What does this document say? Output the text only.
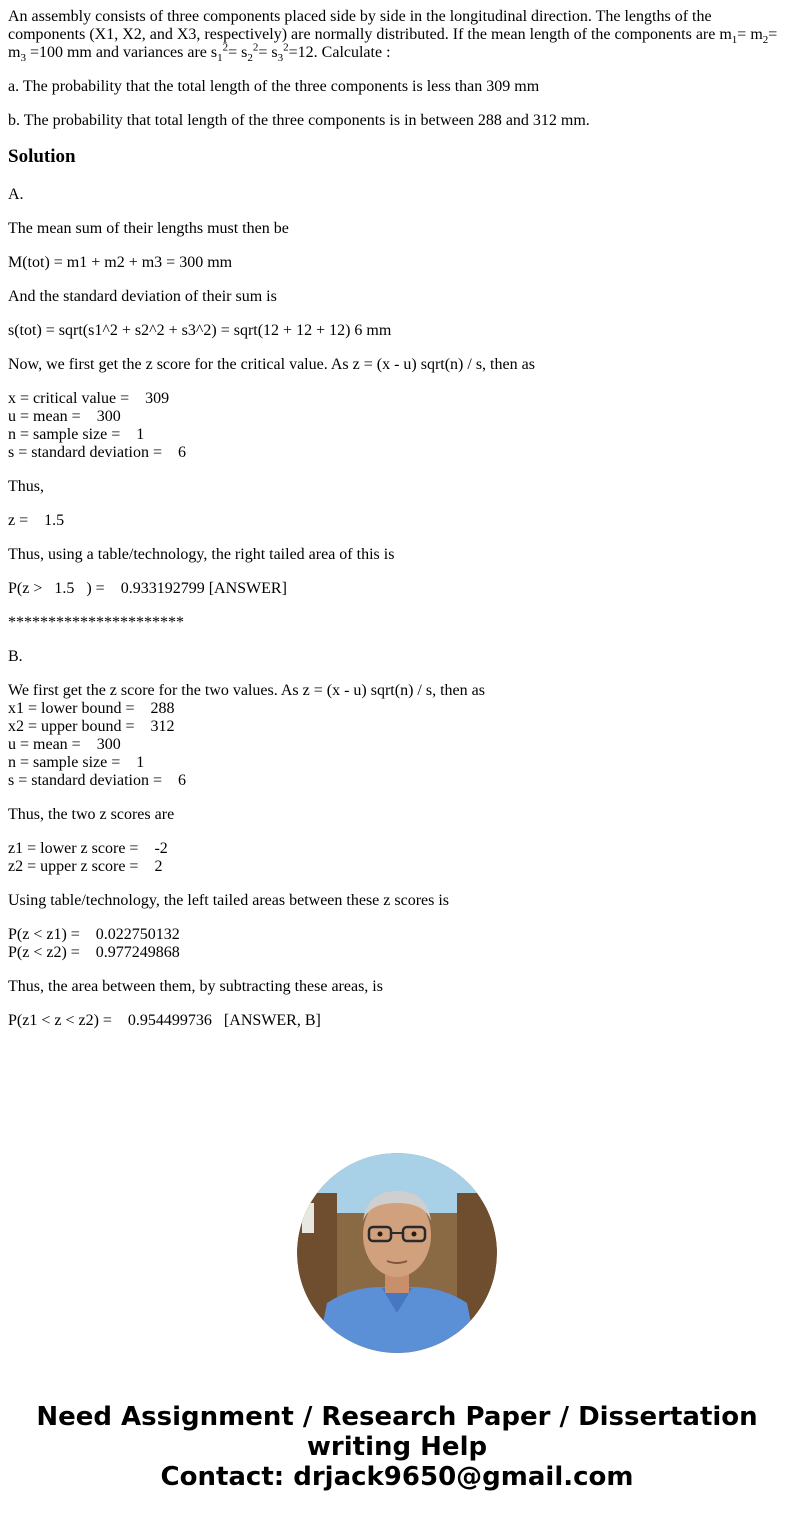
An assembly consists of three components placed side by side in the longitudinal direction. The lengths of the components (X1, X2, and X3, respectively) are normally distributed. If the mean length of the components are $m_1= m_2= m_3 =100$ mm and variances are $s_1^2= s_2^2= s_3^2=12$. Calculate :

a. The probability that the total length of the three components is less than 309 mm

b. The probability that total length of the three components is in between 288 and 312 mm.

Solution

A.

The mean sum of their lengths must then be

M(tot) = m1 + m2 + m3 = 300 mm

And the standard deviation of their sum is

s(tot) = sqrt(s1^2 + s2^2 + s3^2) = sqrt(12 + 12 + 12) 6 mm

Now, we first get the z score for the critical value. As z = (x - u) sqrt(n) / s, then as

x = critical value =    309
u = mean =    300
n = sample size =    1
s = standard deviation =    6

Thus,

z =    1.5

Thus, using a table/technology, the right tailed area of this is

P(z >   1.5   ) =    0.933192799 [ANSWER]

**********************

B.

We first get the z score for the two values. As z = (x - u) sqrt(n) / s, then as
x1 = lower bound =    288
x2 = upper bound =    312
u = mean =    300
n = sample size =    1
s = standard deviation =    6

Thus, the two z scores are

z1 = lower z score =    -2
z2 = upper z score =    2

Using table/technology, the left tailed areas between these z scores is

P(z < z1) =    0.022750132
P(z < z2) =    0.977249868

Thus, the area between them, by subtracting these areas, is

P(z1 < z < z2) =    0.954499736   [ANSWER, B]

Need Assignment / Research Paper / Dissertation
writing Help
Contact: drjack9650@gmail.com
